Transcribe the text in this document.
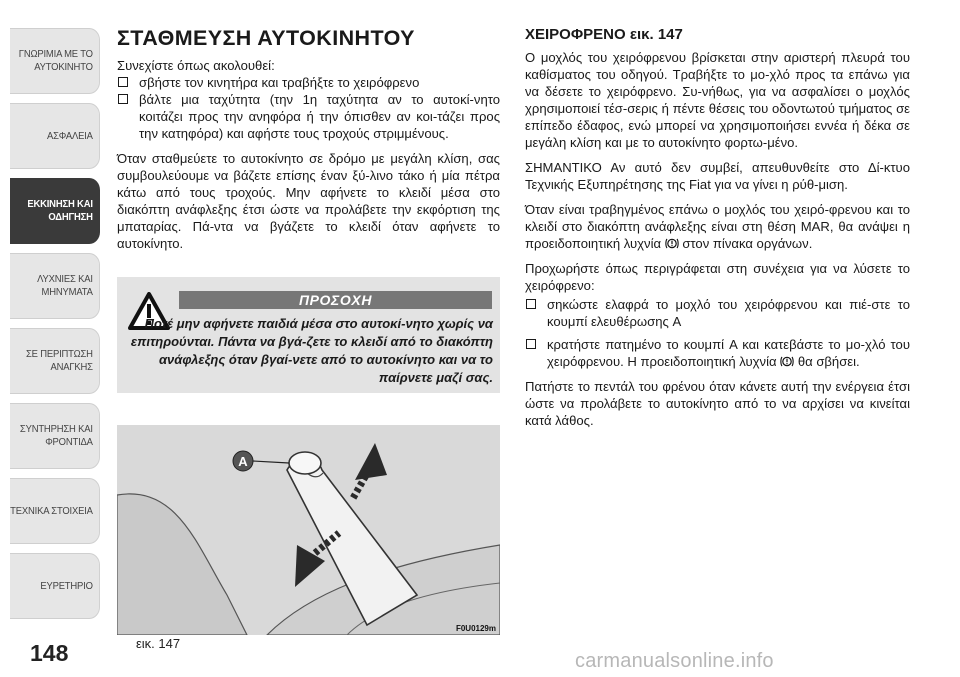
ΓΝΩΡΙΜΙΑ ΜΕ ΤΟ
ΑΥΤΟΚΙΝΗΤΟ
ΑΣΦΑΛΕΙΑ
ΕΚΚΙΝΗΣΗ ΚΑΙ
ΟΔΗΓΗΣΗ
ΛΥΧΝΙΕΣ ΚΑΙ
ΜΗΝΥΜΑΤΑ
ΣΕ ΠΕΡΙΠΤΩΣΗ
ΑΝΑΓΚΗΣ
ΣΥΝΤΗΡΗΣΗ ΚΑΙ
ΦΡΟΝΤΙΔΑ
ΤΕΧΝΙΚΑ ΣΤΟΙΧΕΙΑ
ΕΥΡΕΤΗΡΙΟ
148
ΣΤΑΘΜΕΥΣΗ ΑΥΤΟΚΙΝΗΤΟΥ

Συνεχίστε όπως ακολουθεί:

σβήστε τον κινητήρα και τραβήξτε το χειρόφρενο
βάλτε μια ταχύτητα (την 1η ταχύτητα αν το αυτοκί-νητο κοιτάζει προς την ανηφόρα ή την όπισθεν αν κοι-τάζει προς την κατηφόρα) και αφήστε τους τροχούς στριμμένους.

Όταν σταθμεύετε το αυτοκίνητο σε δρόμο με μεγάλη κλίση, σας συμβουλεύουμε να βάζετε επίσης έναν ξύ-λινο τάκο ή μία πέτρα κάτω από τους τροχούς. Μην αφήνετε το κλειδί μέσα στο διακόπτη ανάφλεξης έτσι ώστε να προλάβετε την εκφόρτιση της μπαταρίας. Πά-ντα να βγάζετε το κλειδί όταν αφήνετε το αυτοκίνητο.

ΠΡΟΣΟΧΗ
Ποτέ μην αφήνετε παιδιά μέσα στο αυτοκί-νητο χωρίς να επιτηρούνται. Πάντα να βγά-ζετε το κλειδί από το διακόπτη ανάφλεξης όταν βγαί-νετε από το αυτοκίνητο και να το παίρνετε μαζί σας.
A
F0U0129m
εικ. 147
ΧΕΙΡΟΦΡΕΝΟ εικ. 147

Ο μοχλός του χειρόφρενου βρίσκεται στην αριστερή πλευρά του καθίσματος του οδηγού. Τραβήξτε το μο-χλό προς τα επάνω για να δέσετε το χειρόφρενο. Συ-νήθως, για να ασφαλίσει ο μοχλός χρησιμοποιεί τέσ-σερις ή πέντε θέσεις του οδοντωτού τμήματος σε επίπεδο έδαφος, ενώ μπορεί να χρησιμοποιήσει εννέα ή δέκα σε μεγάλη κλίση και με το αυτοκίνητο φορτω-μένο.

ΣΗΜΑΝΤΙΚΟ Αν αυτό δεν συμβεί, απευθυνθείτε στο Δί-κτυο Τεχνικής Εξυπηρέτησης της Fiat για να γίνει η ρύθ-μιση.

Όταν είναι τραβηγμένος επάνω ο μοχλός του χειρό-φρενου και το κλειδί στο διακόπτη ανάφλεξης είναι στη θέση MAR, θα ανάψει η προειδοποιητική λυχνία στον πίνακα οργάνων.

Προχωρήστε όπως περιγράφεται στη συνέχεια για να λύσετε το χειρόφρενο:

σηκώστε ελαφρά το μοχλό του χειρόφρενου και πιέ-στε το κουμπί ελευθέρωσης A
κρατήστε πατημένο το κουμπί A και κατεβάστε το μο-χλό του χειρόφρενου. Η προειδοποιητική λυχνία θα σβήσει.

Πατήστε το πεντάλ του φρένου όταν κάνετε αυτή την ενέργεια έτσι ώστε να προλάβετε το αυτοκίνητο από το να αρχίσει να κινείται κατά λάθος.

carmanualsonline.info
